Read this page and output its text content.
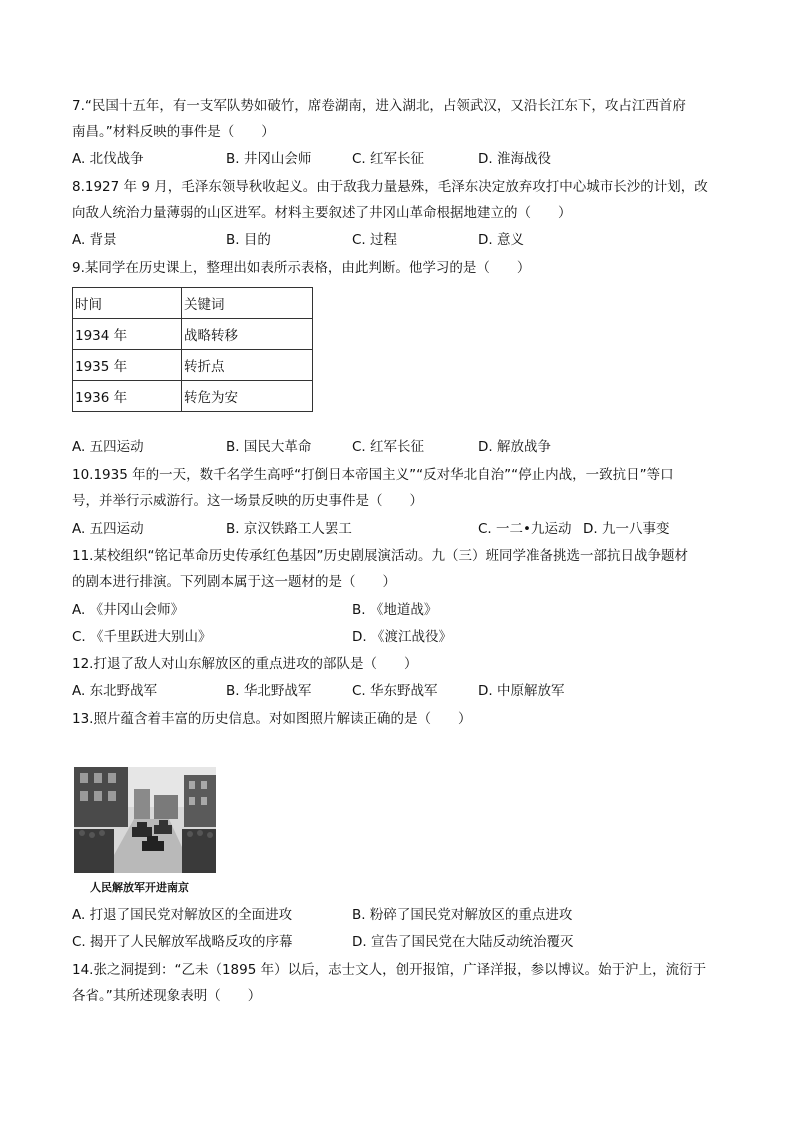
7.“民国十五年，有一支军队势如破竹，席卷湖南，进入湖北，占领武汉，又沿长江东下，攻占江西首府
南昌。”材料反映的事件是（　　）
A. 北伐战争	B. 井冈山会师	C. 红军长征	D. 淮海战役
8.1927 年 9 月，毛泽东领导秋收起义。由于敌我力量悬殊，毛泽东决定放弃攻打中心城市长沙的计划，改
向敌人统治力量薄弱的山区进军。材料主要叙述了井冈山革命根据地建立的（　　）
A. 背景	B. 目的	C. 过程	D. 意义
9.某同学在历史课上，整理出如表所示表格，由此判断。他学习的是（　　）
时间	关键词
1934 年	战略转移
1935 年	转折点
1936 年	转危为安
A. 五四运动	B. 国民大革命	C. 红军长征	D. 解放战争
10.1935 年的一天，数千名学生高呼“打倒日本帝国主义”“反对华北自治”“停止内战，一致抗日”等口
号，并举行示威游行。这一场景反映的历史事件是（　　）
A. 五四运动	B. 京汉铁路工人罢工	C. 一二•九运动 D. 九一八事变
11.某校组织“铭记革命历史传承红色基因”历史剧展演活动。九（三）班同学准备挑选一部抗日战争题材
的剧本进行排演。下列剧本属于这一题材的是（　　）
A. 《井冈山会师》	B. 《地道战》
C. 《千里跃进大别山》	D. 《渡江战役》
12.打退了敌人对山东解放区的重点进攻的部队是（　　）
A. 东北野战军	B. 华北野战军	C. 华东野战军	D. 中原解放军
13.照片蕴含着丰富的历史信息。对如图照片解读正确的是（　　）
人民解放军开进南京
A. 打退了国民党对解放区的全面进攻	B. 粉碎了国民党对解放区的重点进攻
C. 揭开了人民解放军战略反攻的序幕	D. 宣告了国民党在大陆反动统治覆灭
14.张之洞提到：“乙未（1895 年）以后，志士文人，创开报馆，广译洋报，参以博议。始于沪上，流衍于
各省。”其所述现象表明（　　）
